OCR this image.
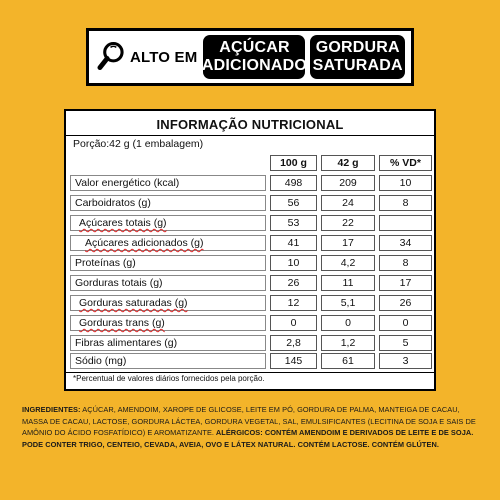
ALTO EM
AÇÚCAR
ADICIONADO
GORDURA
SATURADA
INFORMAÇÃO NUTRICIONAL
Porção:42 g (1 embalagem)
100 g	42 g	% VD*
Valor energético (kcal)	498	209	10
Carboidratos (g)	56	24	8
Açúcares totais (g)	53	22
Açúcares adicionados (g)	41	17	34
Proteínas (g)	10	4,2	8
Gorduras totais (g)	26	11	17
Gorduras saturadas (g)	12	5,1	26
Gorduras trans (g)	0	0	0
Fibras alimentares (g)	2,8	1,2	5
Sódio (mg)	145	61	3
*Percentual de valores diários fornecidos pela porção.
INGREDIENTES: AÇÚCAR, AMENDOIM, XAROPE DE GLICOSE, LEITE EM PÓ, GORDURA DE PALMA, MANTEIGA DE CACAU, MASSA DE CACAU, LACTOSE, GORDURA LÁCTEA, GORDURA VEGETAL, SAL, EMULSIFICANTES (LECITINA DE SOJA E SAIS DE AMÔNIO DO ÁCIDO FOSFATÍDICO) E AROMATIZANTE. ALÉRGICOS: CONTÉM AMENDOIM E DERIVADOS DE LEITE E DE SOJA. PODE CONTER TRIGO, CENTEIO, CEVADA, AVEIA, OVO E LÁTEX NATURAL. CONTÉM LACTOSE. CONTÉM GLÚTEN.
